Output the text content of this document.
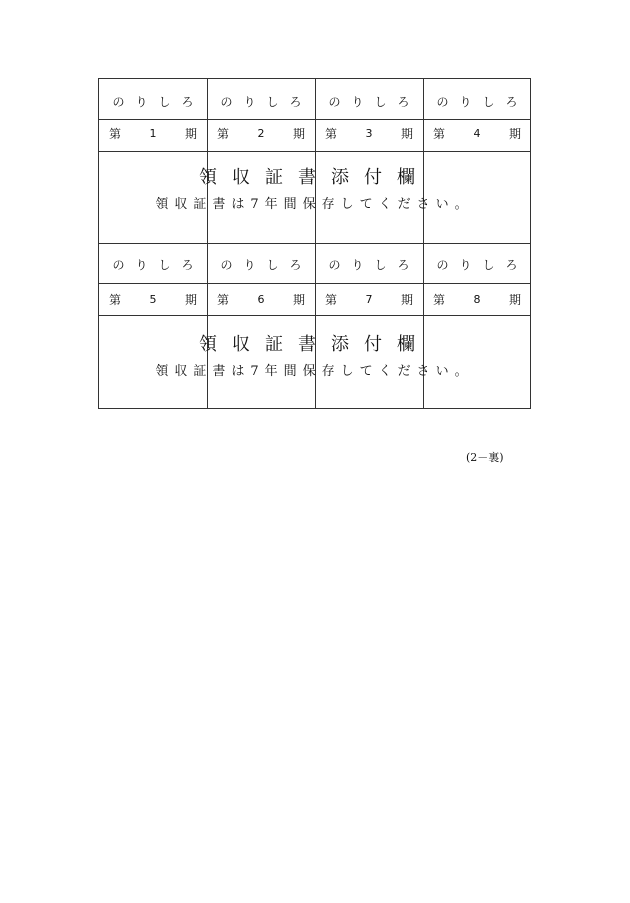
のりしろ のりしろ のりしろ のりしろ
第	1 期 第	2 期 第	3 期 第	4 期
領収証書添付欄
領収証書は7年間保存してください。
のりしろ のりしろ のりしろ のりしろ
第	5 期 第	6 期 第	7 期 第	8 期
領収証書添付欄
領収証書は7年間保存してください。
(2－裏)
